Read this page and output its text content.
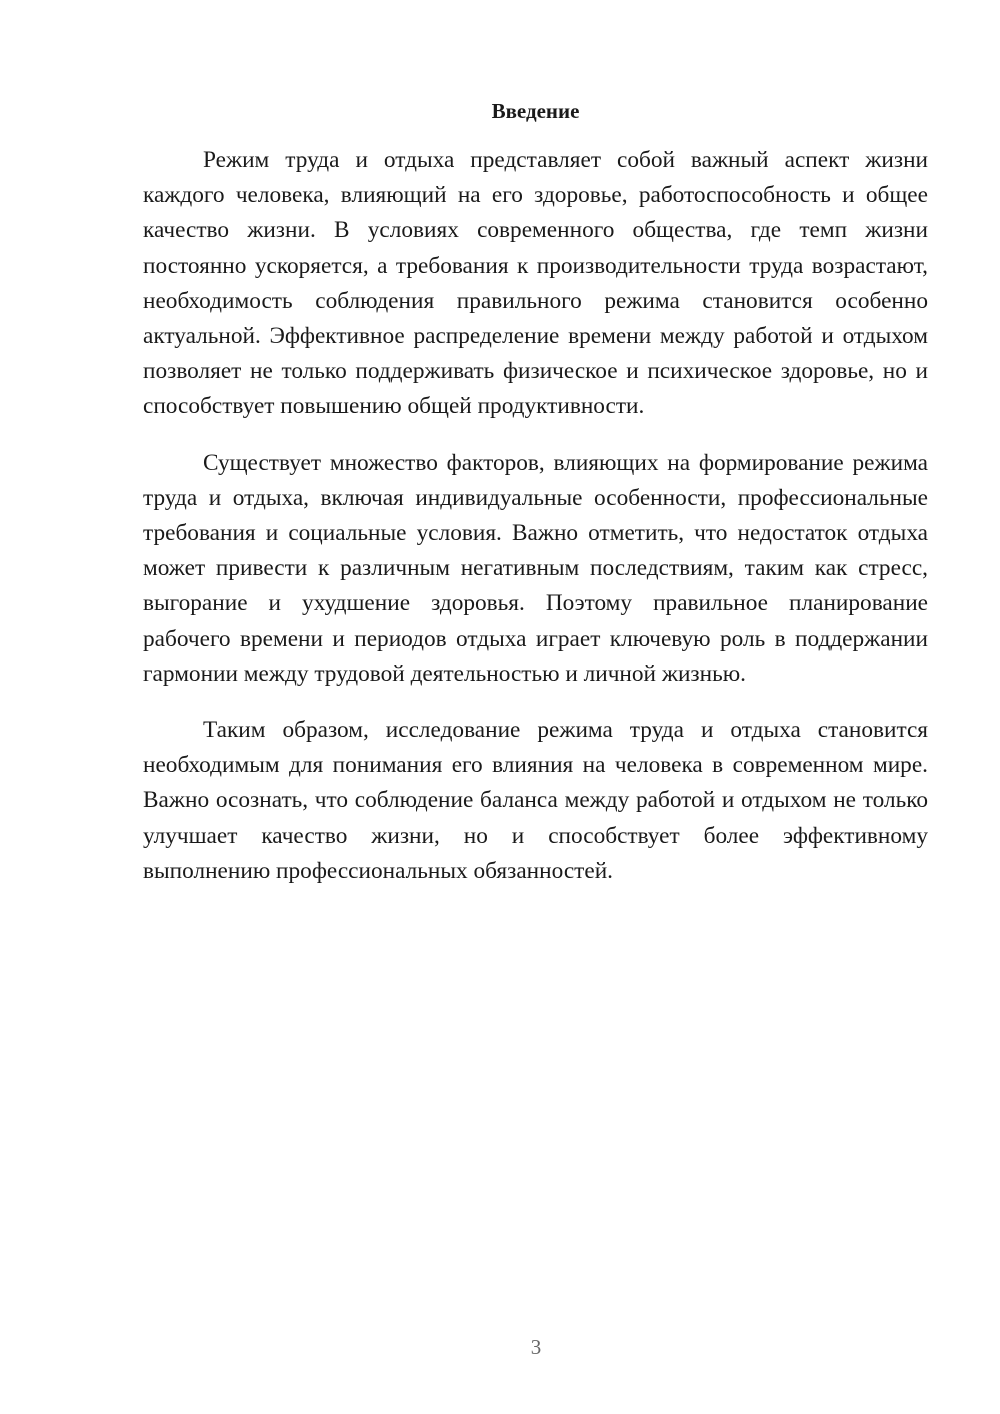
Введение

Режим труда и отдыха представляет собой важный аспект жизни каждого человека, влияющий на его здоровье, работоспособность и общее качество жизни. В условиях современного общества, где темп жизни постоянно ускоряется, а требования к производительности труда возрастают, необходимость соблюдения правильного режима становится особенно актуальной. Эффективное распределение времени между работой и отдыхом позволяет не только поддерживать физическое и психическое здоровье, но и способствует повышению общей продуктивности.

Существует множество факторов, влияющих на формирование режима труда и отдыха, включая индивидуальные особенности, профессиональные требования и социальные условия. Важно отметить, что недостаток отдыха может привести к различным негативным последствиям, таким как стресс, выгорание и ухудшение здоровья. Поэтому правильное планирование рабочего времени и периодов отдыха играет ключевую роль в поддержании гармонии между трудовой деятельностью и личной жизнью.

Таким образом, исследование режима труда и отдыха становится необходимым для понимания его влияния на человека в современном мире. Важно осознать, что соблюдение баланса между работой и отдыхом не только улучшает качество жизни, но и способствует более эффективному выполнению профессиональных обязанностей.

3
